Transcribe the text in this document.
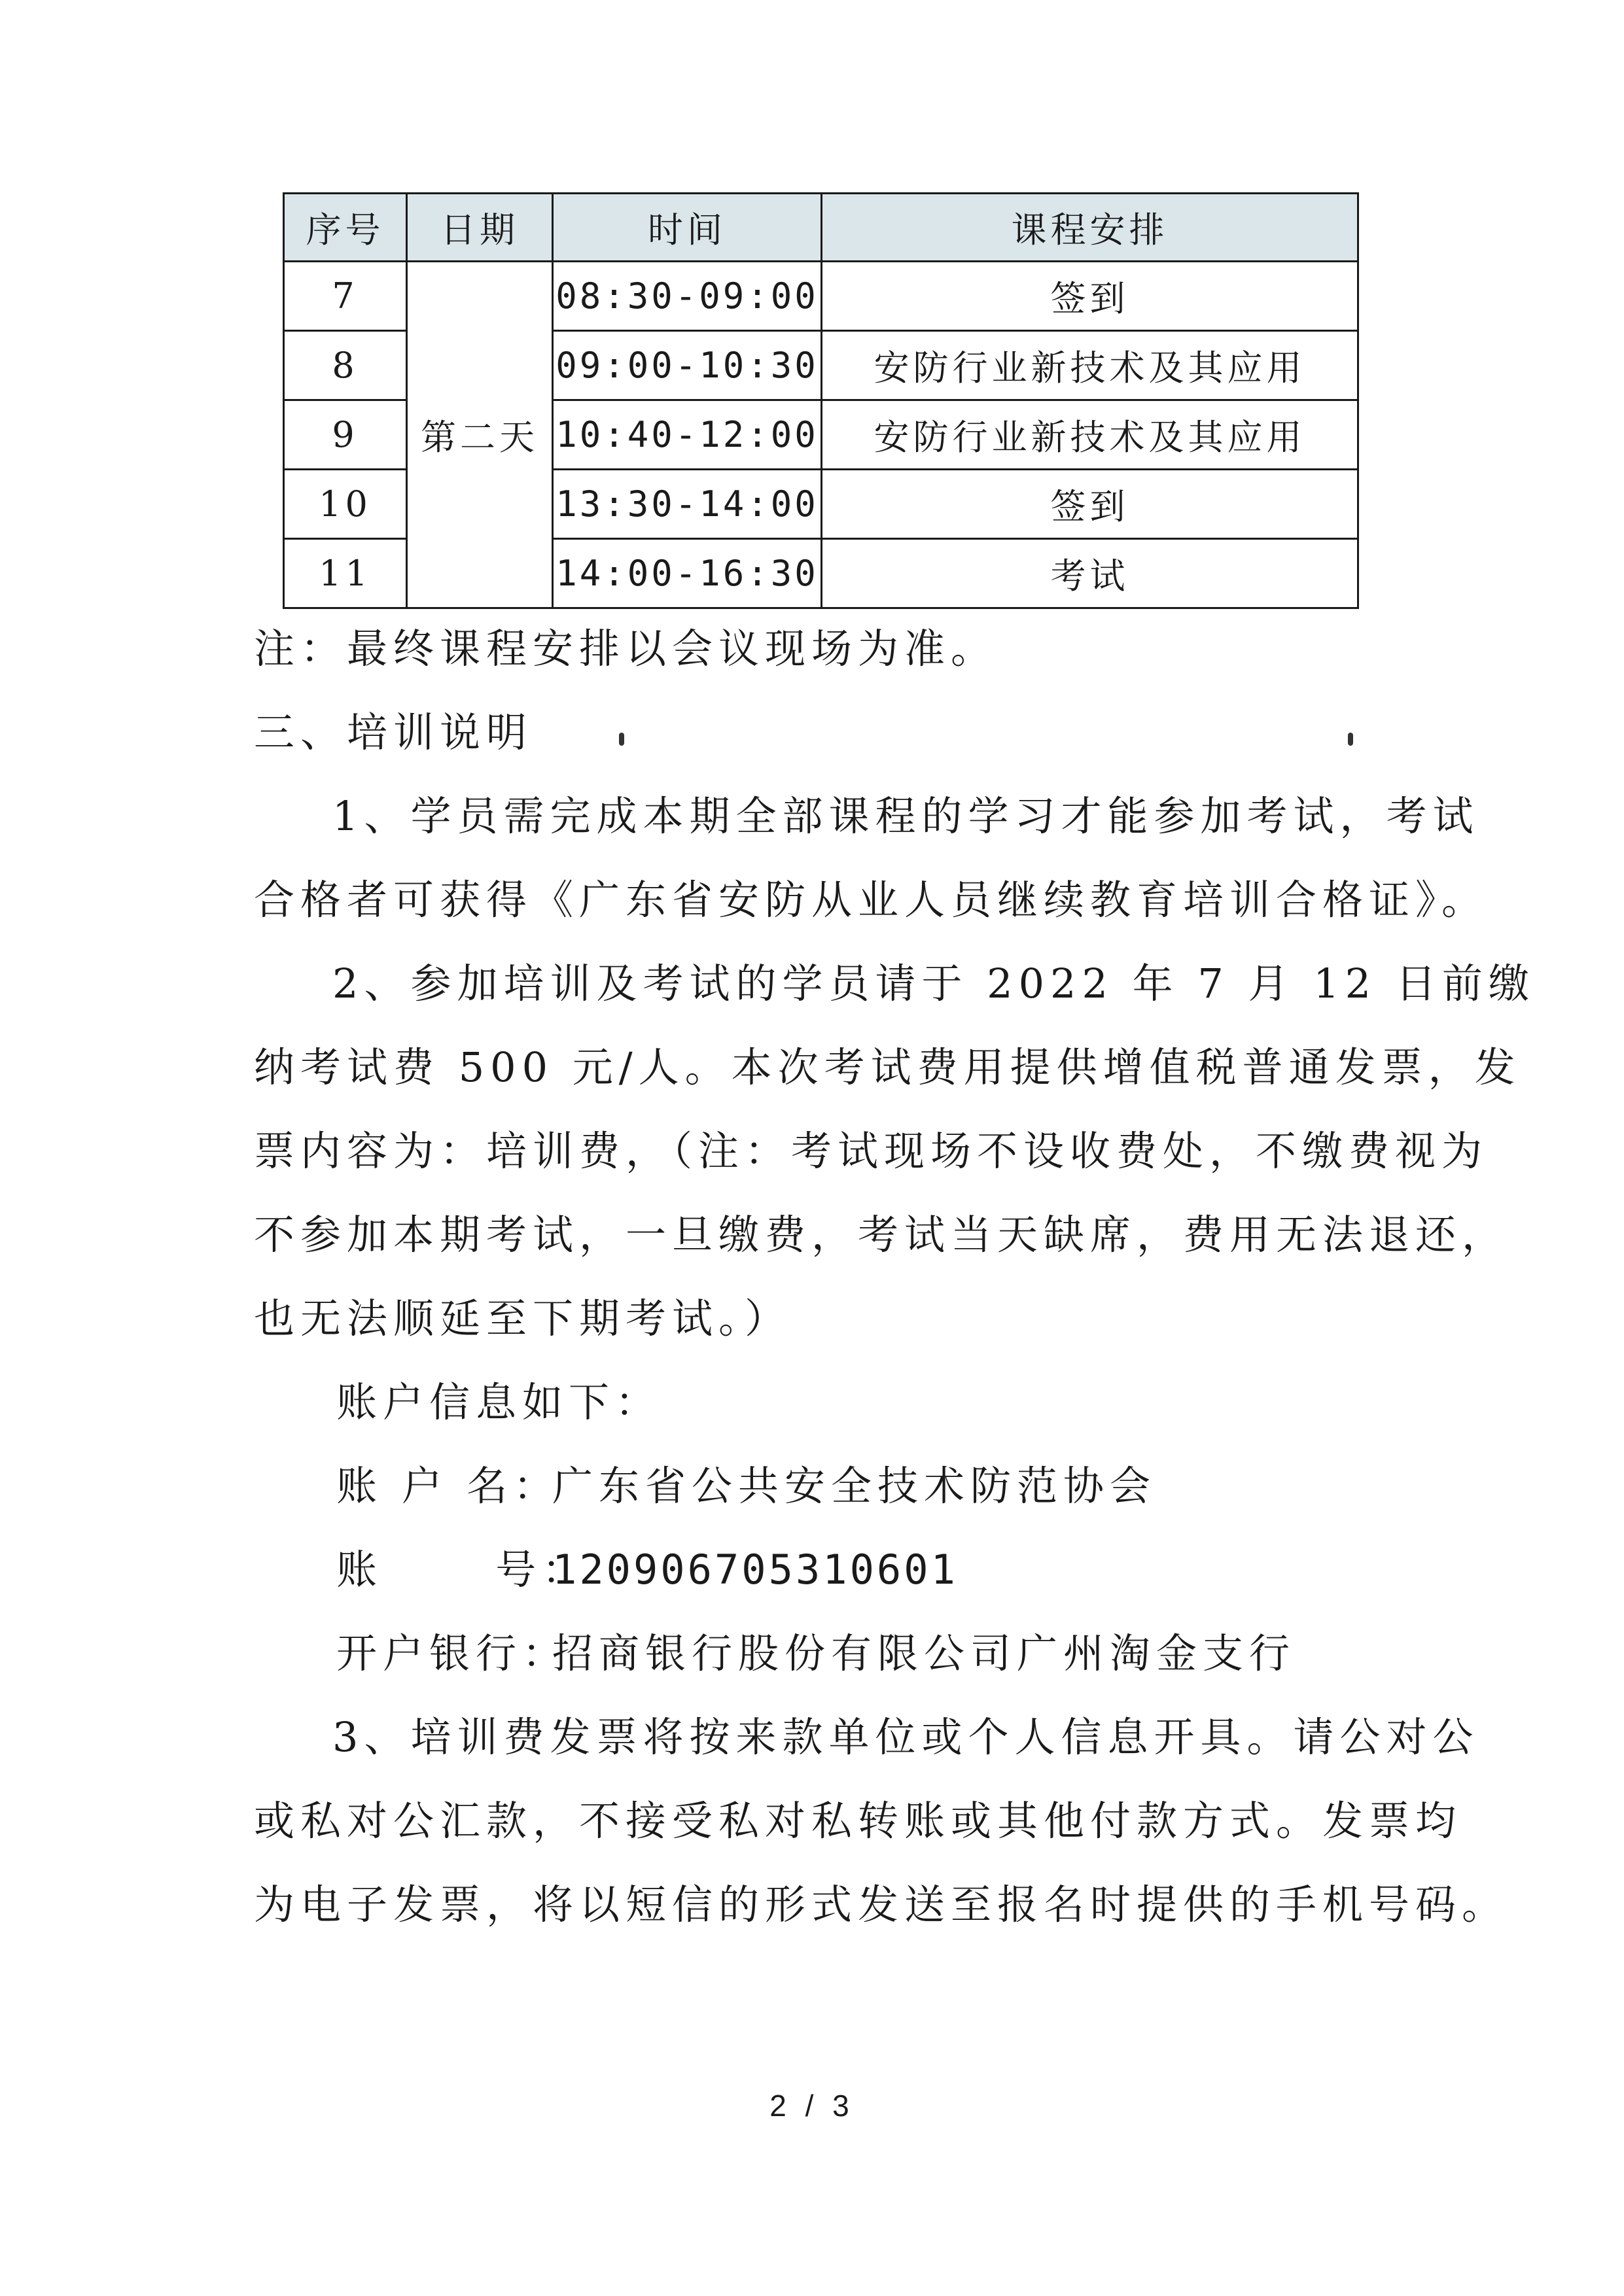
序号	日期	时间	课程安排
7	第二天	08:30-09:00	签到
8		09:00-10:30	安防行业新技术及其应用
9		10:40-12:00	安防行业新技术及其应用
10		13:30-14:00	签到
11		14:00-16:30	考试
注：最终课程安排以会议现场为准。
三、培训说明
1、学员需完成本期全部课程的学习才能参加考试，考试
合格者可获得《广东省安防从业人员继续教育培训合格证》。
2、参加培训及考试的学员请于 2022 年 7 月 12 日前缴
纳考试费 500 元/人。本次考试费用提供增值税普通发票，发
票内容为：培训费，（注：考试现场不设收费处，不缴费视为
不参加本期考试，一旦缴费，考试当天缺席，费用无法退还，
也无法顺延至下期考试。）
账户信息如下：
账 户 名：广东省公共安全技术防范协会
账      号：120906705310601
开户银行：招商银行股份有限公司广州淘金支行
3、培训费发票将按来款单位或个人信息开具。请公对公
或私对公汇款，不接受私对私转账或其他付款方式。发票均
为电子发票，将以短信的形式发送至报名时提供的手机号码。
2 / 3
